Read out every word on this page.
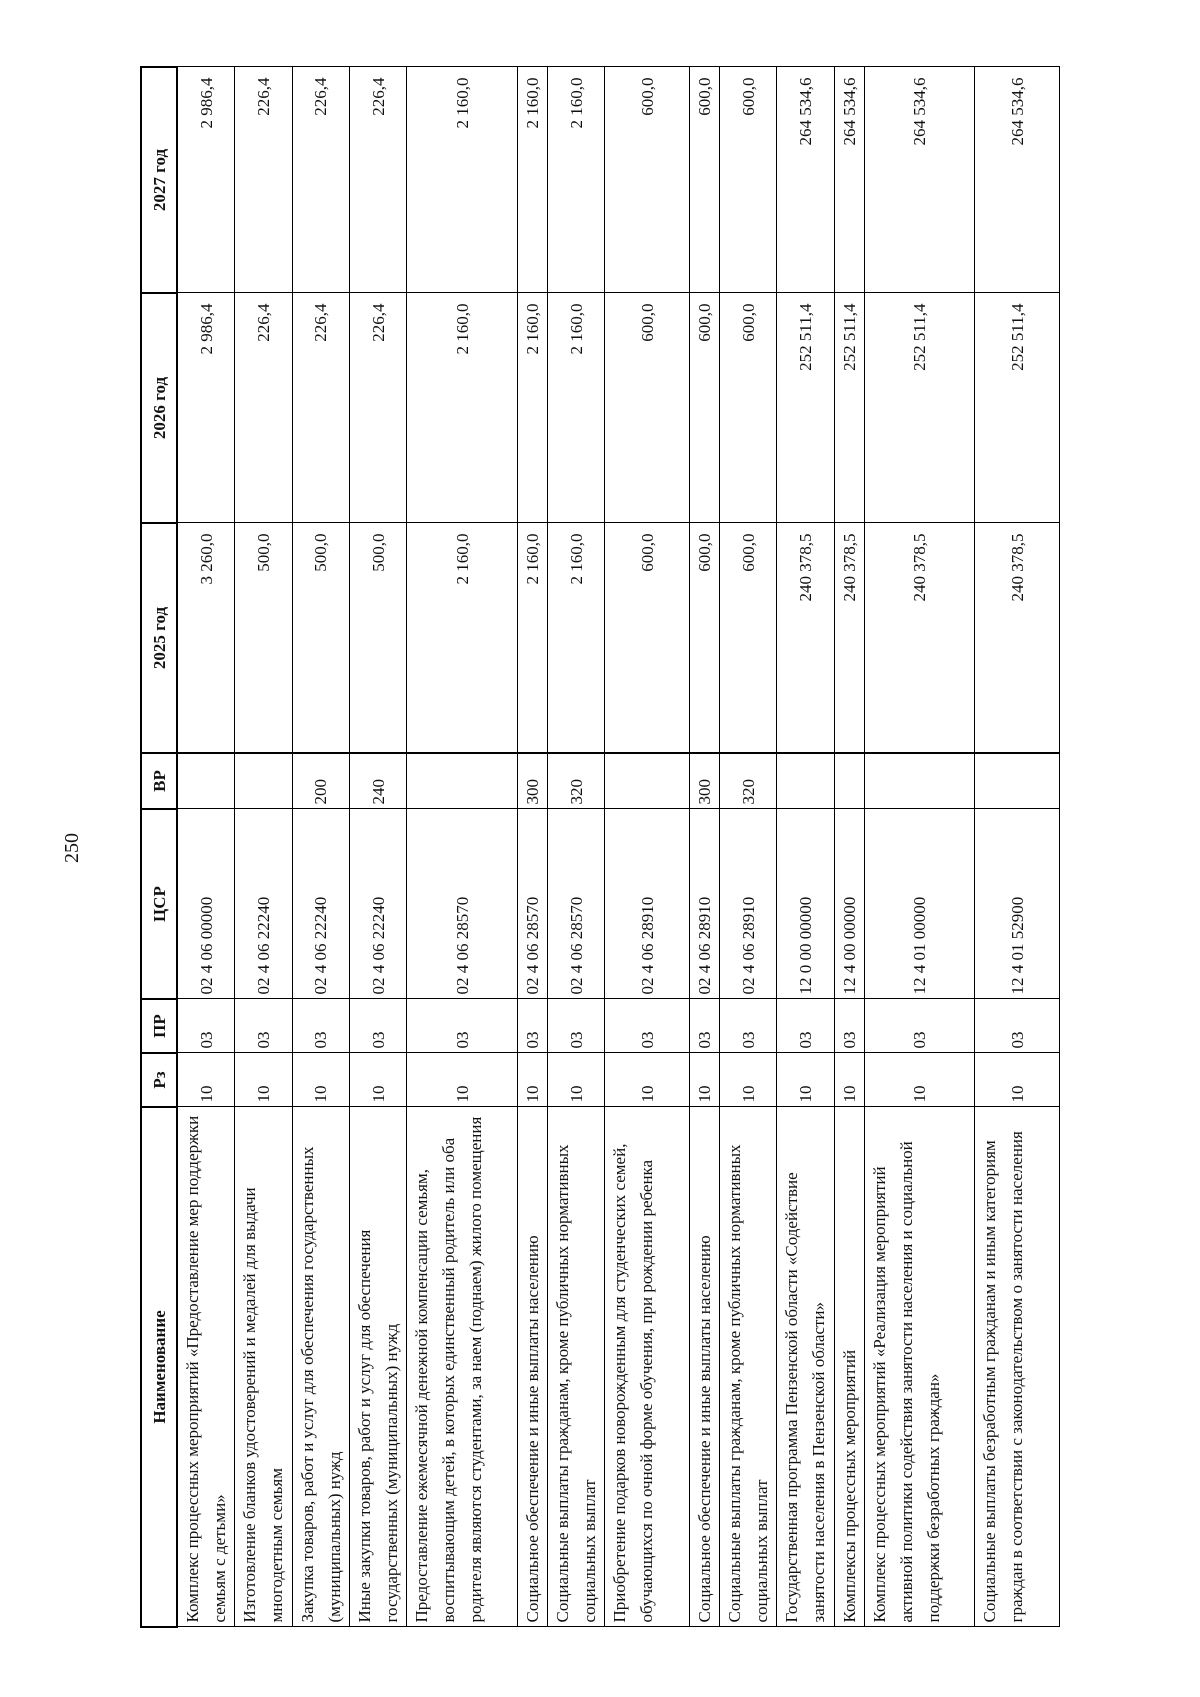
250
Наименование	Рз	ПР	ЦСР	ВР	2025 год	2026 год	2027 год
Комплекс процессных мероприятий «Предоставление мер поддержки семьям с детьми»	10	03	02 4 06 00000		3 260,0	2 986,4	2 986,4
Изготовление бланков удостоверений и медалей для выдачи многодетным семьям	10	03	02 4 06 22240		500,0	226,4	226,4
Закупка товаров, работ и услуг для обеспечения государственных (муниципальных) нужд	10	03	02 4 06 22240	200	500,0	226,4	226,4
Иные закупки товаров, работ и услуг для обеспечения государственных (муниципальных) нужд	10	03	02 4 06 22240	240	500,0	226,4	226,4
Предоставление ежемесячной денежной компенсации семьям, воспитывающим детей, в которых единственный родитель или оба родителя являются студентами, за наем (поднаем) жилого помещения	10	03	02 4 06 28570		2 160,0	2 160,0	2 160,0
Социальное обеспечение и иные выплаты населению	10	03	02 4 06 28570	300	2 160,0	2 160,0	2 160,0
Социальные выплаты гражданам, кроме публичных нормативных социальных выплат	10	03	02 4 06 28570	320	2 160,0	2 160,0	2 160,0
Приобретение подарков новорожденным для студенческих семей, обучающихся по очной форме обучения, при рождении ребенка	10	03	02 4 06 28910		600,0	600,0	600,0
Социальное обеспечение и иные выплаты населению	10	03	02 4 06 28910	300	600,0	600,0	600,0
Социальные выплаты гражданам, кроме публичных нормативных социальных выплат	10	03	02 4 06 28910	320	600,0	600,0	600,0
Государственная программа Пензенской области «Содействие занятости населения в Пензенской области»	10	03	12 0 00 00000		240 378,5	252 511,4	264 534,6
Комплексы процессных мероприятий	10	03	12 4 00 00000		240 378,5	252 511,4	264 534,6
Комплекс процессных мероприятий «Реализация мероприятий активной политики содействия занятости населения и социальной поддержки безработных граждан»	10	03	12 4 01 00000		240 378,5	252 511,4	264 534,6
Социальные выплаты безработным гражданам и иным категориям граждан в соответствии с законодательством о занятости населения	10	03	12 4 01 52900		240 378,5	252 511,4	264 534,6
